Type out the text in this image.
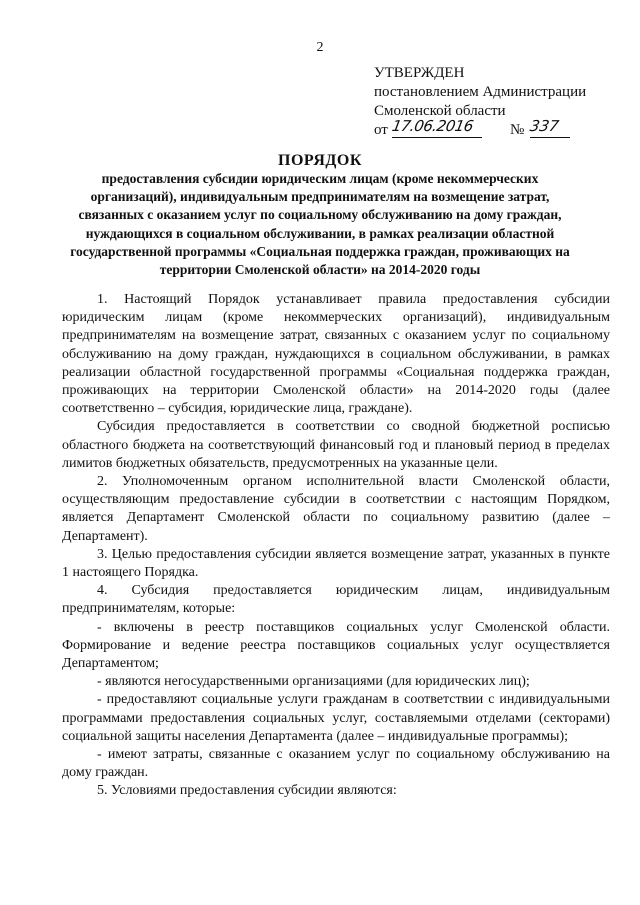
2
УТВЕРЖДЕН
постановлением Администрации
Смоленской области
от 17.06.2016	№ 337
ПОРЯДОК
предоставления субсидии юридическим лицам (кроме некоммерческих организаций), индивидуальным предпринимателям на возмещение затрат, связанных с оказанием услуг по социальному обслуживанию на дому граждан, нуждающихся в социальном обслуживании, в рамках реализации областной государственной программы «Социальная поддержка граждан, проживающих на территории Смоленской области» на 2014-2020 годы

1. Настоящий Порядок устанавливает правила предоставления субсидии юридическим лицам (кроме некоммерческих организаций), индивидуальным предпринимателям на возмещение затрат, связанных с оказанием услуг по социальному обслуживанию на дому граждан, нуждающихся в социальном обслуживании, в рамках реализации областной государственной программы «Социальная поддержка граждан, проживающих на территории Смоленской области» на 2014-2020 годы (далее соответственно – субсидия, юридические лица, граждане).

Субсидия предоставляется в соответствии со сводной бюджетной росписью областного бюджета на соответствующий финансовый год и плановый период в пределах лимитов бюджетных обязательств, предусмотренных на указанные цели.

2. Уполномоченным органом исполнительной власти Смоленской области, осуществляющим предоставление субсидии в соответствии с настоящим Порядком, является Департамент Смоленской области по социальному развитию (далее – Департамент).

3. Целью предоставления субсидии является возмещение затрат, указанных в пункте 1 настоящего Порядка.

4. Субсидия предоставляется юридическим лицам, индивидуальным предпринимателям, которые:

- включены в реестр поставщиков социальных услуг Смоленской области. Формирование и ведение реестра поставщиков социальных услуг осуществляется Департаментом;

- являются негосударственными организациями (для юридических лиц);

- предоставляют социальные услуги гражданам в соответствии с индивидуальными программами предоставления социальных услуг, составляемыми отделами (секторами) социальной защиты населения Департамента (далее – индивидуальные программы);

- имеют затраты, связанные с оказанием услуг по социальному обслуживанию на дому граждан.

5. Условиями предоставления субсидии являются:
